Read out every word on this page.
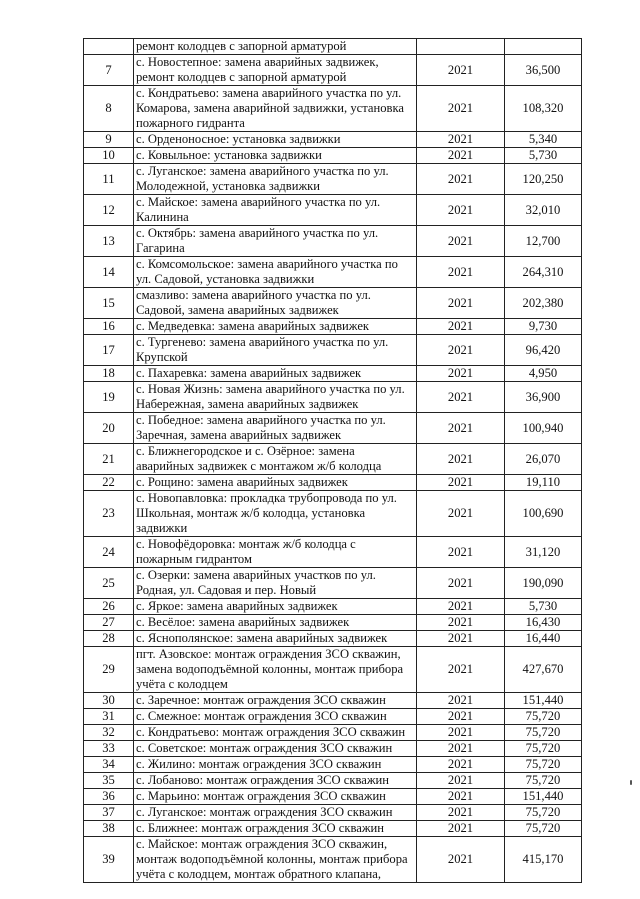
	ремонт колодцев с запорной арматурой		
7	с. Новостепное: замена аварийных задвижек, ремонт колодцев с запорной арматурой	2021	36,500
8	с. Кондратьево: замена аварийного участка по ул. Комарова, замена аварийной задвижки, установка пожарного гидранта	2021	108,320
9	с. Орденоносное: установка задвижки	2021	5,340
10	с. Ковыльное: установка задвижки	2021	5,730
11	с. Луганское: замена аварийного участка по ул. Молодежной, установка задвижки	2021	120,250
12	с. Майское: замена аварийного участка по ул. Калинина	2021	32,010
13	с. Октябрь: замена аварийного участка по ул. Гагарина	2021	12,700
14	с. Комсомольское: замена аварийного участка по ул. Садовой, установка задвижки	2021	264,310
15	смазливо: замена аварийного участка по ул. Садовой, замена аварийных задвижек	2021	202,380
16	с. Медведевка: замена аварийных задвижек	2021	9,730
17	с. Тургенево: замена аварийного участка по ул. Крупской	2021	96,420
18	с. Пахаревка: замена аварийных задвижек	2021	4,950
19	с. Новая Жизнь: замена аварийного участка по ул. Набережная, замена аварийных задвижек	2021	36,900
20	с. Победное: замена аварийного участка по ул. Заречная, замена аварийных задвижек	2021	100,940
21	с. Ближнегородское и с. Озёрное: замена аварийных задвижек с монтажом ж/б колодца	2021	26,070
22	с. Рощино: замена аварийных задвижек	2021	19,110
23	с. Новопавловка: прокладка трубопровода по ул. Школьная, монтаж ж/б колодца, установка задвижки	2021	100,690
24	с. Новофёдоровка: монтаж ж/б колодца с пожарным гидрантом	2021	31,120
25	с. Озерки: замена аварийных участков по ул. Родная, ул. Садовая и пер. Новый	2021	190,090
26	с. Яркое: замена аварийных задвижек	2021	5,730
27	с. Весёлое: замена аварийных задвижек	2021	16,430
28	с. Яснополянское: замена аварийных задвижек	2021	16,440
29	пгт. Азовское: монтаж ограждения ЗСО скважин, замена водоподъёмной колонны, монтаж прибора учёта с колодцем	2021	427,670
30	с. Заречное: монтаж ограждения ЗСО скважин	2021	151,440
31	с. Смежное: монтаж ограждения ЗСО скважин	2021	75,720
32	с. Кондратьево: монтаж ограждения ЗСО скважин	2021	75,720
33	с. Советское: монтаж ограждения ЗСО скважин	2021	75,720
34	с. Жилино: монтаж ограждения ЗСО скважин	2021	75,720
35	с. Лобаново: монтаж ограждения ЗСО скважин	2021	75,720
36	с. Марьино: монтаж ограждения ЗСО скважин	2021	151,440
37	с. Луганское: монтаж ограждения ЗСО скважин	2021	75,720
38	с. Ближнее: монтаж ограждения ЗСО скважин	2021	75,720
39	с. Майское: монтаж ограждения ЗСО скважин, монтаж водоподъёмной колонны, монтаж прибора учёта с колодцем, монтаж обратного клапана,	2021	415,170
